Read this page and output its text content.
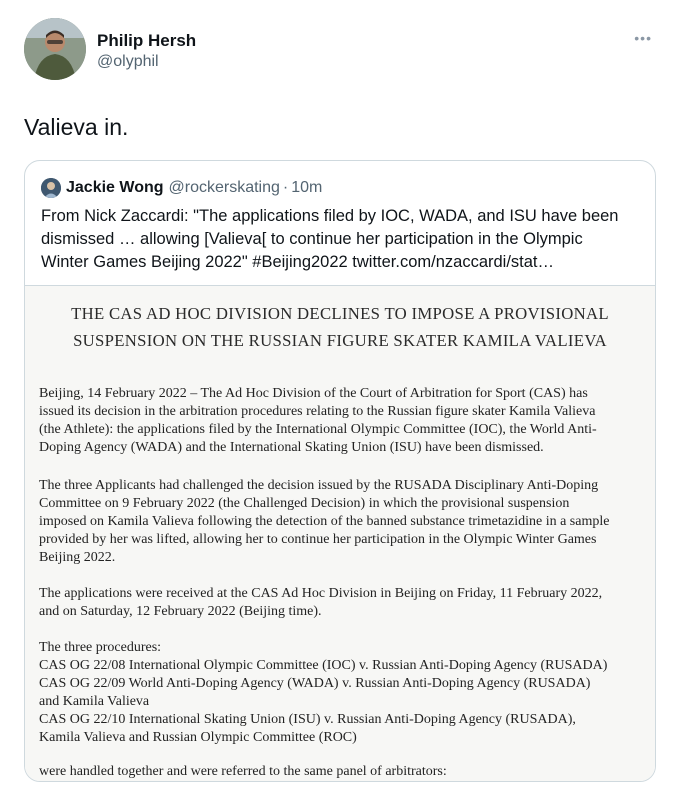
Philip Hersh
@olyphil
•••
Valieva in.
Jackie Wong @rockerskating · 10m
From Nick Zaccardi: "The applications filed by IOC, WADA, and ISU have been
dismissed … allowing [Valieva[ to continue her participation in the Olympic
Winter Games Beijing 2022" #Beijing2022 twitter.com/nzaccardi/stat…
THE CAS AD HOC DIVISION DECLINES TO IMPOSE A PROVISIONAL
SUSPENSION ON THE RUSSIAN FIGURE SKATER KAMILA VALIEVA
Beijing, 14 February 2022 – The Ad Hoc Division of the Court of Arbitration for Sport (CAS) has
issued its decision in the arbitration procedures relating to the Russian figure skater Kamila Valieva
(the Athlete): the applications filed by the International Olympic Committee (IOC), the World Anti-
Doping Agency (WADA) and the International Skating Union (ISU) have been dismissed.
The three Applicants had challenged the decision issued by the RUSADA Disciplinary Anti-Doping
Committee on 9 February 2022 (the Challenged Decision) in which the provisional suspension
imposed on Kamila Valieva following the detection of the banned substance trimetazidine in a sample
provided by her was lifted, allowing her to continue her participation in the Olympic Winter Games
Beijing 2022.
The applications were received at the CAS Ad Hoc Division in Beijing on Friday, 11 February 2022,
and on Saturday, 12 February 2022 (Beijing time).
The three procedures:
CAS OG 22/08 International Olympic Committee (IOC) v. Russian Anti-Doping Agency (RUSADA)
CAS OG 22/09 World Anti-Doping Agency (WADA) v. Russian Anti-Doping Agency (RUSADA)
and Kamila Valieva
CAS OG 22/10 International Skating Union (ISU) v. Russian Anti-Doping Agency (RUSADA),
Kamila Valieva and Russian Olympic Committee (ROC)
were handled together and were referred to the same panel of arbitrators:
